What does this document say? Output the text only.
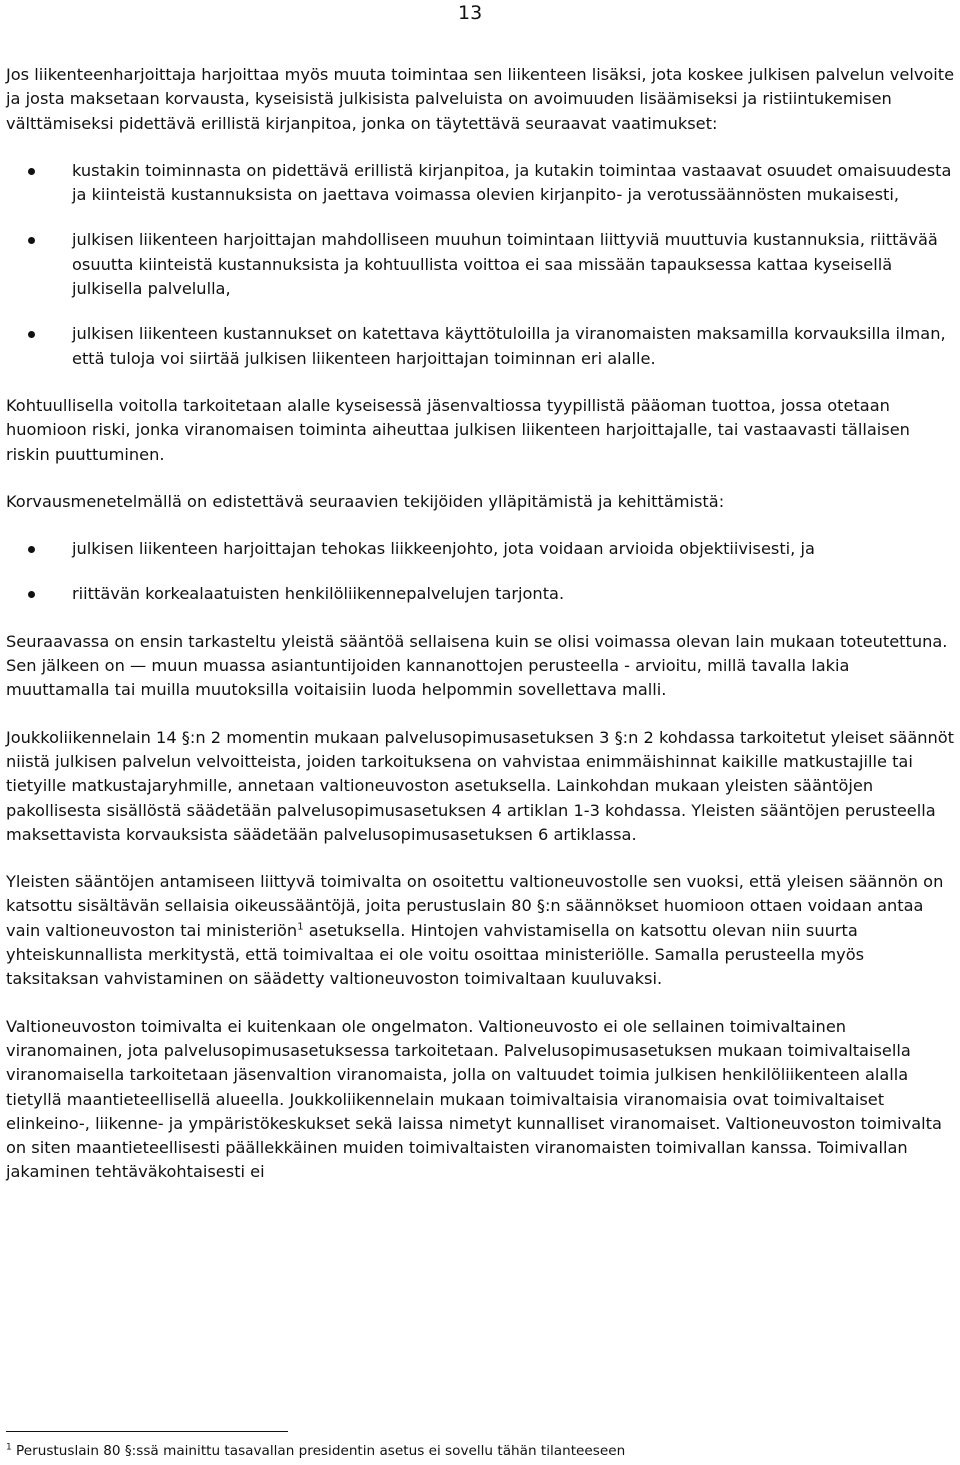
13

Jos liikenteenharjoittaja harjoittaa myös muuta toimintaa sen liikenteen lisäksi, jota koskee julkisen palvelun velvoite ja josta maksetaan korvausta, kyseisistä julkisista palveluista on avoimuuden lisäämiseksi ja ristiintukemisen välttämiseksi pidettävä erillistä kirjanpitoa, jonka on täytettävä seuraavat vaatimukset:

kustakin toiminnasta on pidettävä erillistä kirjanpitoa, ja kutakin toimintaa vastaavat osuudet omaisuudesta ja kiinteistä kustannuksista on jaettava voimassa olevien kirjanpito- ja verotussäännösten mukaisesti,
julkisen liikenteen harjoittajan mahdolliseen muuhun toimintaan liittyviä muuttuvia kustannuksia, riittävää osuutta kiinteistä kustannuksista ja kohtuullista voittoa ei saa missään tapauksessa kattaa kyseisellä julkisella palvelulla,
julkisen liikenteen kustannukset on katettava käyttötuloilla ja viranomaisten maksamilla korvauksilla ilman, että tuloja voi siirtää julkisen liikenteen harjoittajan toiminnan eri alalle.

Kohtuullisella voitolla tarkoitetaan alalle kyseisessä jäsenvaltiossa tyypillistä pääoman tuottoa, jossa otetaan huomioon riski, jonka viranomaisen toiminta aiheuttaa julkisen liikenteen harjoittajalle, tai vastaavasti tällaisen riskin puuttuminen.

Korvausmenetelmällä on edistettävä seuraavien tekijöiden ylläpitämistä ja kehittämistä:

julkisen liikenteen harjoittajan tehokas liikkeenjohto, jota voidaan arvioida objektiivisesti, ja
riittävän korkealaatuisten henkilöliikennepalvelujen tarjonta.

Seuraavassa on ensin tarkasteltu yleistä sääntöä sellaisena kuin se olisi voimassa olevan lain mukaan toteutettuna. Sen jälkeen on — muun muassa asiantuntijoiden kannanottojen perusteella - arvioitu, millä tavalla lakia muuttamalla tai muilla muutoksilla voitaisiin luoda helpommin sovellettava malli.

Joukkoliikennelain 14 §:n 2 momentin mukaan palvelusopimusasetuksen 3 §:n 2 kohdassa tarkoitetut yleiset säännöt niistä julkisen palvelun velvoitteista, joiden tarkoituksena on vahvistaa enimmäishinnat kaikille matkustajille tai tietyille matkustajaryhmille, annetaan valtioneuvoston asetuksella. Lainkohdan mukaan yleisten sääntöjen pakollisesta sisällöstä säädetään palvelusopimusasetuksen 4 artiklan 1-3 kohdassa. Yleisten sääntöjen perusteella maksettavista korvauksista säädetään palvelusopimusasetuksen 6 artiklassa.

Yleisten sääntöjen antamiseen liittyvä toimivalta on osoitettu valtioneuvostolle sen vuoksi, että yleisen säännön on katsottu sisältävän sellaisia oikeussääntöjä, joita perustuslain 80 §:n säännökset huomioon ottaen voidaan antaa vain valtioneuvoston tai ministeriön$^1$ asetuksella. Hintojen vahvistamisella on katsottu olevan niin suurta yhteiskunnallista merkitystä, että toimivaltaa ei ole voitu osoittaa ministeriölle. Samalla perusteella myös taksitaksan vahvistaminen on säädetty valtioneuvoston toimivaltaan kuuluvaksi.

Valtioneuvoston toimivalta ei kuitenkaan ole ongelmaton. Valtioneuvosto ei ole sellainen toimivaltainen viranomainen, jota palvelusopimusasetuksessa tarkoitetaan. Palvelusopimusasetuksen mukaan toimivaltaisella viranomaisella tarkoitetaan jäsenvaltion viranomaista, jolla on valtuudet toimia julkisen henkilöliikenteen alalla tietyllä maantieteellisellä alueella. Joukkoliikennelain mukaan toimivaltaisia viranomaisia ovat toimivaltaiset elinkeino-, liikenne- ja ympäristökeskukset sekä laissa nimetyt kunnalliset viranomaiset. Valtioneuvoston toimivalta on siten maantieteellisesti päällekkäinen muiden toimivaltaisten viranomaisten toimivallan kanssa. Toimivallan jakaminen tehtäväkohtaisesti ei

$^1$ Perustuslain 80 §:ssä mainittu tasavallan presidentin asetus ei sovellu tähän tilanteeseen
